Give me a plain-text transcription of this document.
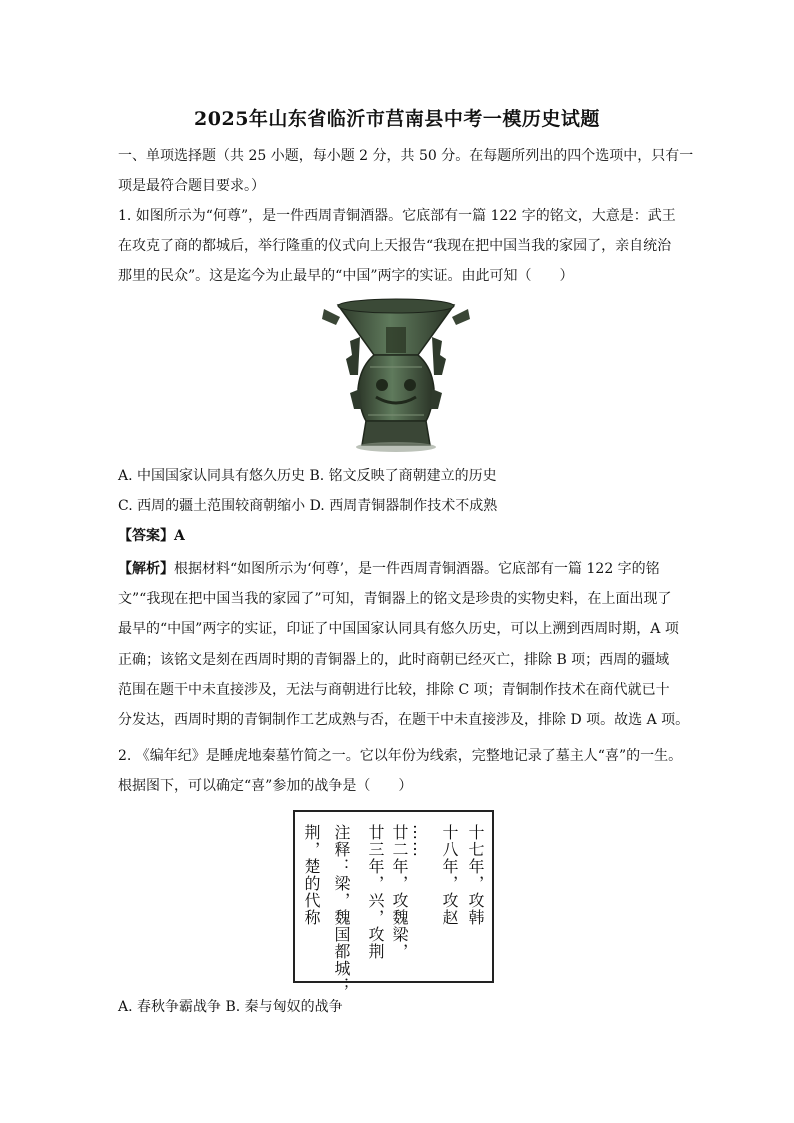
2025年山东省临沂市莒南县中考一模历史试题
一、单项选择题（共 25 小题，每小题 2 分，共 50 分。在每题所列出的四个选项中，只有一
项是最符合题目要求。）
1. 如图所示为“何尊”，是一件西周青铜酒器。它底部有一篇 122 字的铭文，大意是：武王
在攻克了商的都城后，举行隆重的仪式向上天报告“我现在把中国当我的家园了，亲自统治
那里的民众”。这是迄今为止最早的“中国”两字的实证。由此可知（　　）
A. 中国国家认同具有悠久历史 B. 铭文反映了商朝建立的历史
C. 西周的疆土范围较商朝缩小 D. 西周青铜器制作技术不成熟
【答案】A
【解析】根据材料“如图所示为‘何尊’，是一件西周青铜酒器。它底部有一篇 122 字的铭
文”“我现在把中国当我的家园了”可知，青铜器上的铭文是珍贵的实物史料，在上面出现了
最早的“中国”两字的实证，印证了中国国家认同具有悠久历史，可以上溯到西周时期，A 项
正确；该铭文是刻在西周时期的青铜器上的，此时商朝已经灭亡，排除 B 项；西周的疆域
范围在题干中未直接涉及，无法与商朝进行比较，排除 C 项；青铜制作技术在商代就已十
分发达，西周时期的青铜制作工艺成熟与否，在题干中未直接涉及，排除 D 项。故选 A 项。
2. 《编年纪》是睡虎地秦墓竹简之一。它以年份为线索，完整地记录了墓主人“喜”的一生。
根据图下，可以确定“喜”参加的战争是（　　）
十七年，攻韩
十八年，攻赵
……
廿二年，攻魏梁，
廿三年，兴，攻荆
注释：梁，魏国都城；
荆，楚的代称
A. 春秋争霸战争 B. 秦与匈奴的战争
